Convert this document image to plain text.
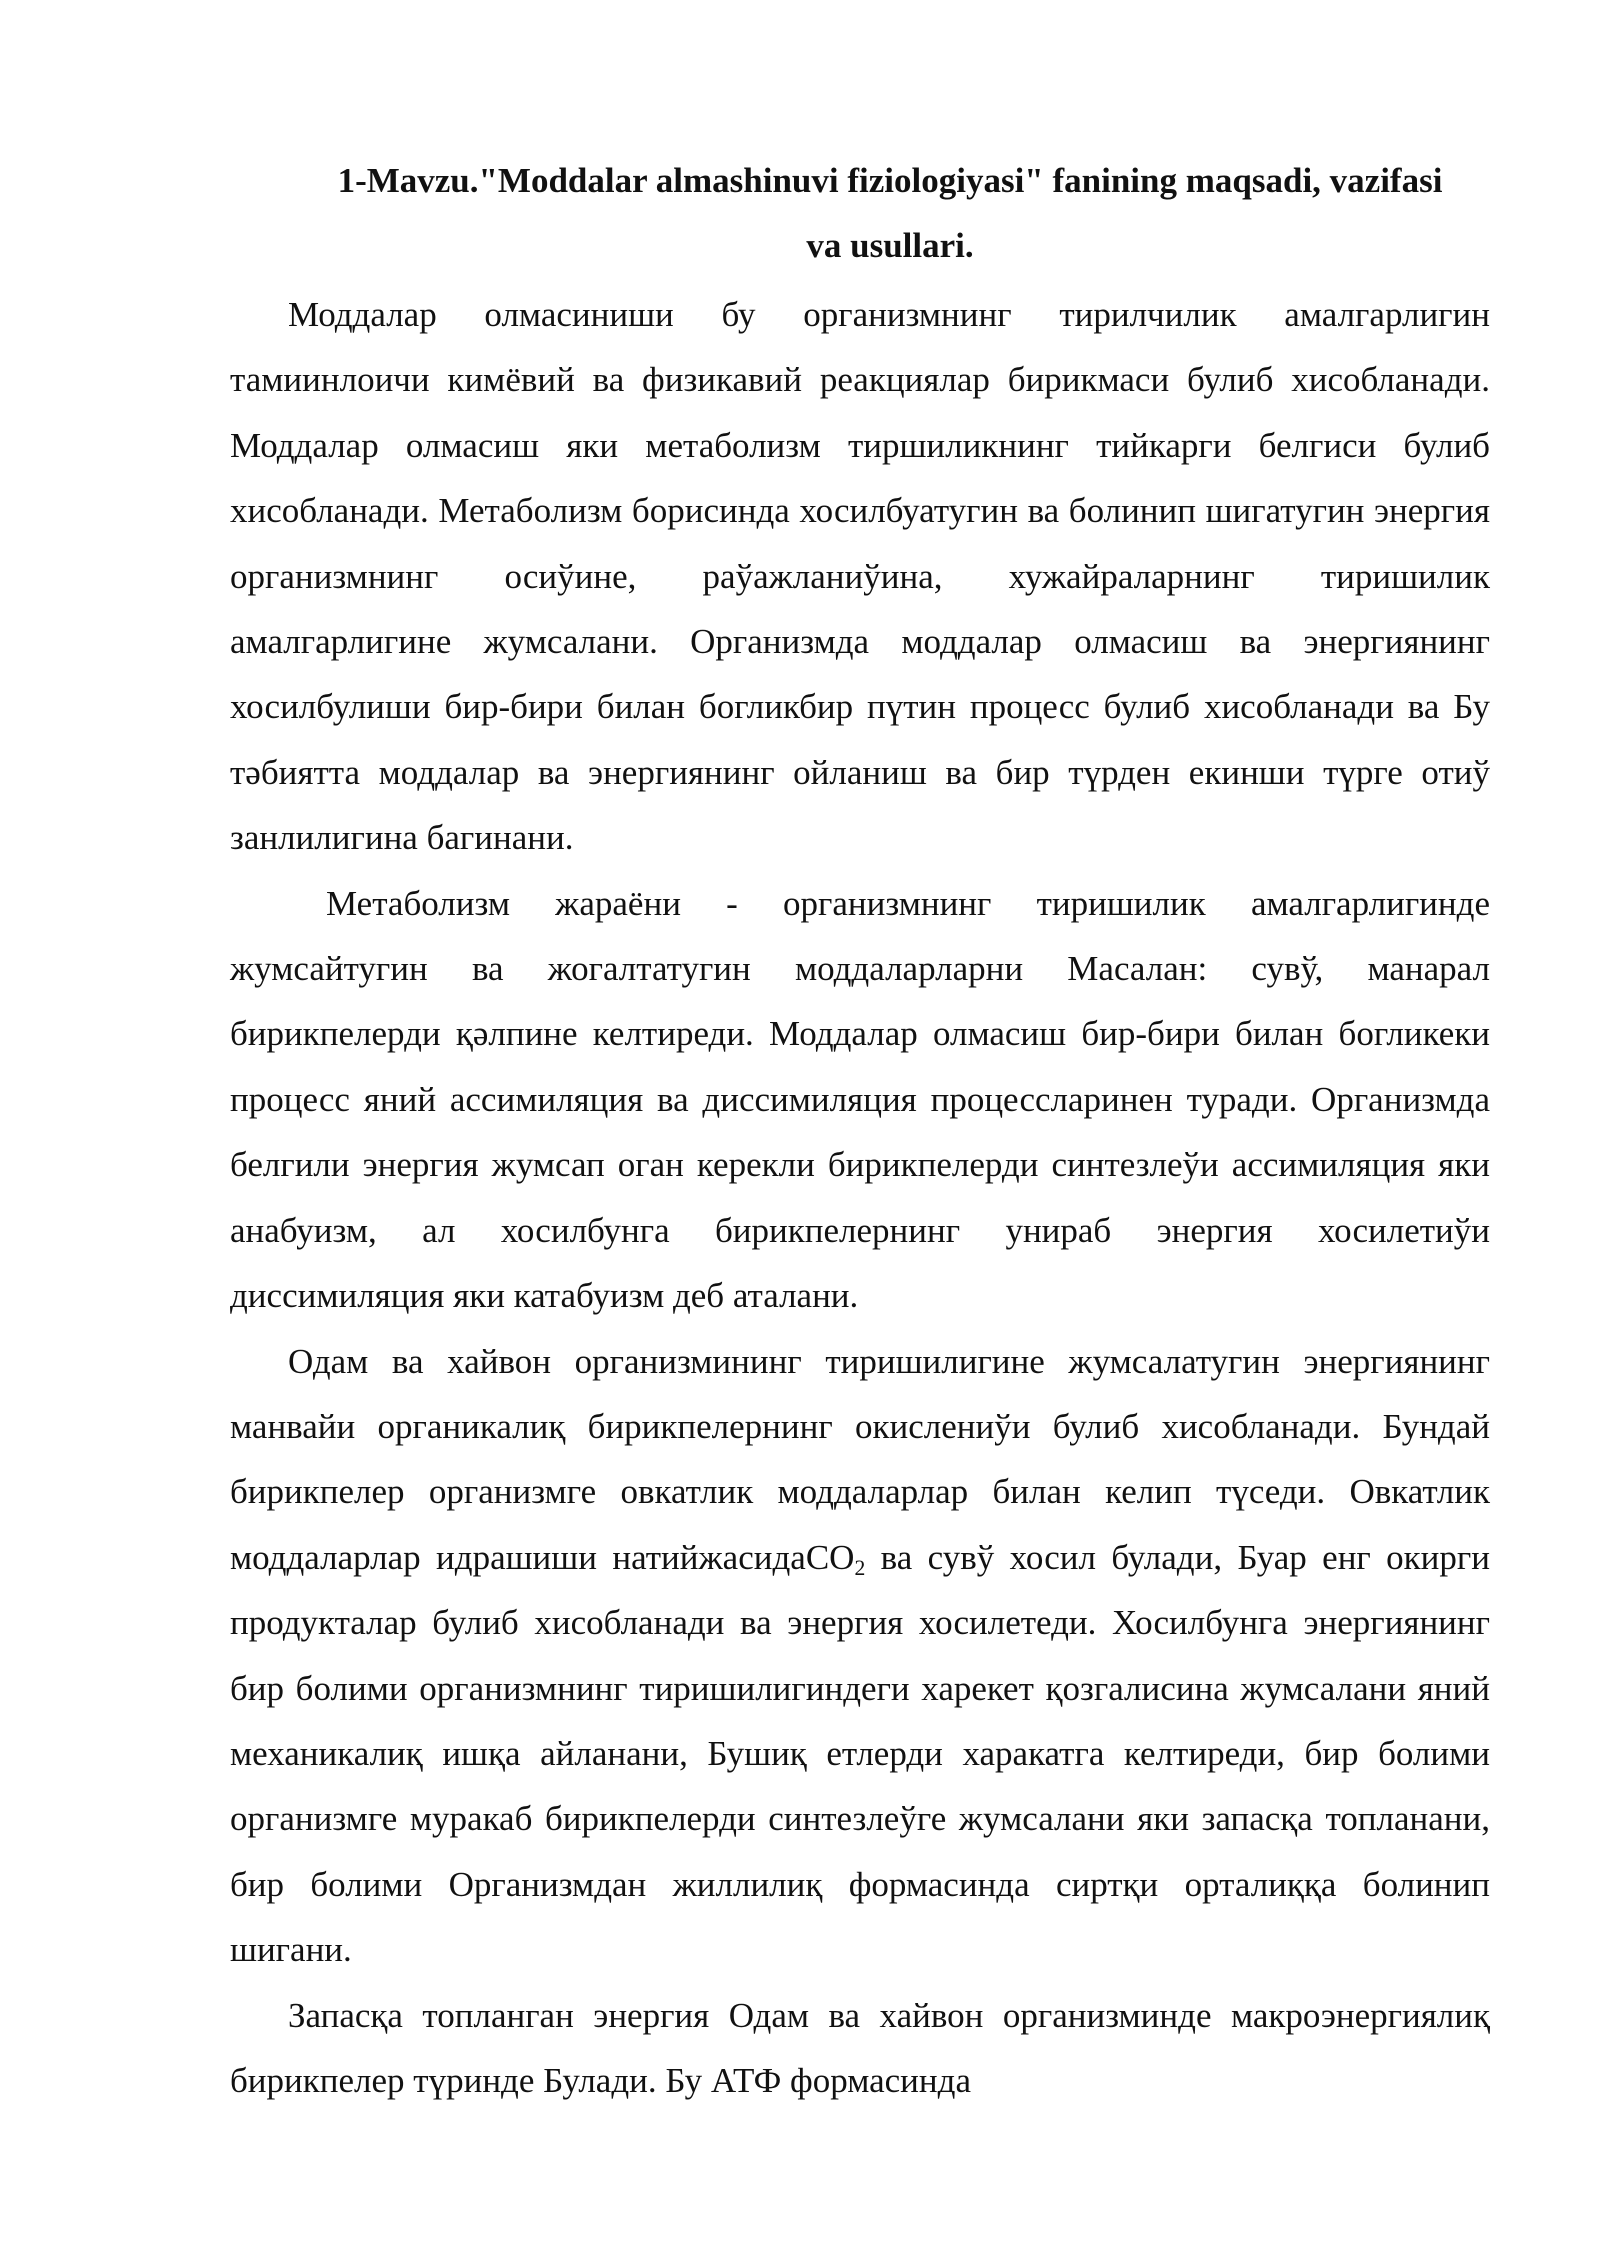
1-Mavzu."Moddalar almashinuvi fiziologiyasi" fanining maqsadi, vazifasi
va usullari.

Моддалар олмасиниши бу организмнинг тирилчилик амалгарлигин тамиинлоичи кимёвий ва физикавий реакциялар бирикмаси булиб хисобланади. Моддалар олмасиш яки метаболизм тиршиликнинг тийкарги белгиси булиб хисобланади. Метаболизм борисинда хосилбуатугин ва болинип шигатугин энергия организмнинг осиўине, раўажланиўина, хужайраларнинг тиришилик амалгарлигине жумсалани. Организмда моддалар олмасиш ва энергиянинг хосилбулиши бир-бири билан богликбир пүтин процесс булиб хисобланади ва Бу тәбиятта моддалар ва энергиянинг ойланиш ва бир түрден екинши түрге отиў занлилигина багинани.

Метаболизм жараёни - организмнинг тиришилик амалгарлигинде жумсайтугин ва жогалтатугин моддаларларни Масалан: сувў, манарал бирикпелерди қәлпине келтиреди. Моддалар олмасиш бир-бири билан богликеки процесс яний ассимиляция ва диссимиляция процессларинен туради. Организмда белгили энергия жумсап оган керекли бирикпелерди синтезлеўи ассимиляция яки анабуизм, ал хосилбунга бирикпелернинг унираб энергия хосилетиўи диссимиляция яки катабуизм деб аталани.

Одам ва хайвон организмининг тиришилигине жумсалатугин энергиянинг манвайи органикалиқ бирикпелернинг окислениўи булиб хисобланади. Бундай бирикпелер организмге овкатлик моддаларлар билан келип түседи. Овкатлик моддаларлар идрашиши натийжасидаCO$_2$ ва сувў хосил булади, Буар енг окирги продукталар булиб хисобланади ва энергия хосилетеди. Хосилбунга энергиянинг бир болими организмнинг тиришилигиндеги харекет қозгалисина жумсалани яний механикалиқ ишқа айланани, Бушиқ етлерди харакатга келтиреди, бир болими организмге муракаб бирикпелерди синтезлеўге жумсалани яки запасқа топланани, бир болими Организмдан жиллилиқ формасинда сиртқи орталиққа болинип шигани.

Запасқа топланган энергия Одам ва хайвон организминде макроэнергиялиқ бирикпелер түринде Булади. Бу АТФ формасинда
